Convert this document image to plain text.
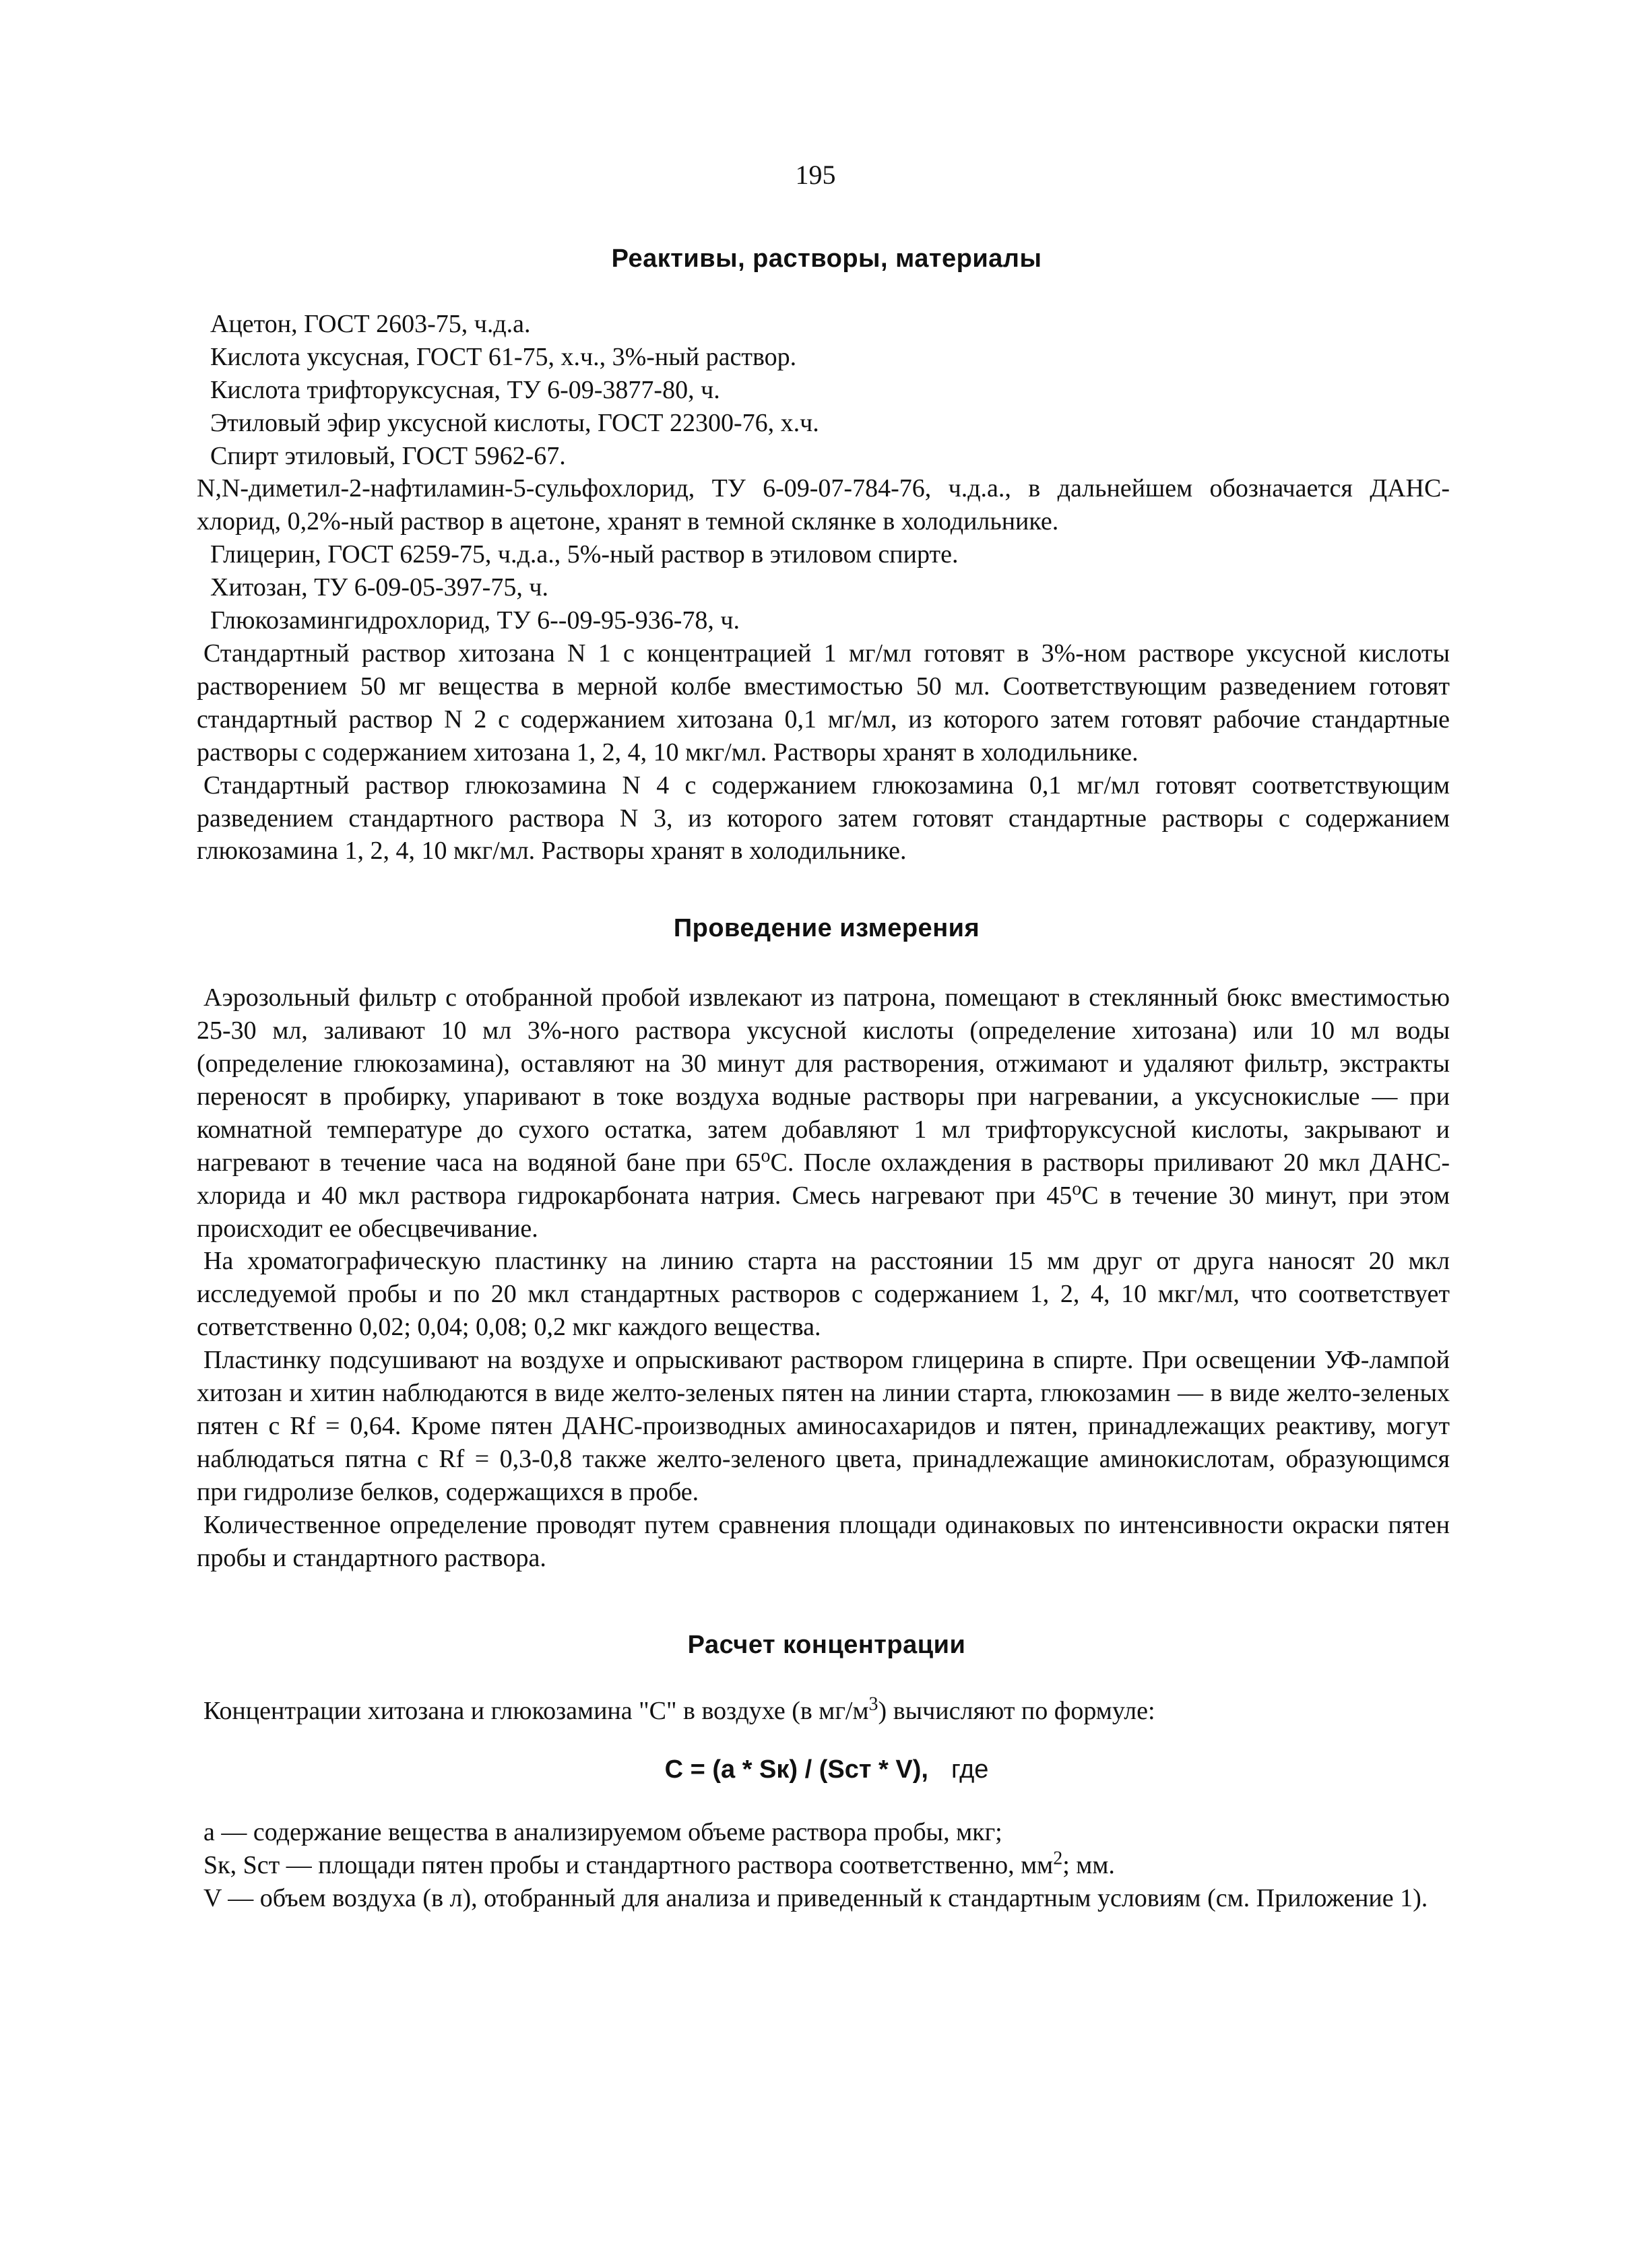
195
Реактивы, растворы, материалы

Ацетон, ГОСТ 2603-75, ч.д.а.

Кислота уксусная, ГОСТ 61-75, х.ч., 3%-ный раствор.

Кислота трифторуксусная, ТУ 6-09-3877-80, ч.

Этиловый эфир уксусной кислоты, ГОСТ 22300-76, х.ч.

Спирт этиловый, ГОСТ 5962-67.

N,N-диметил-2-нафтиламин-5-сульфохлорид, ТУ 6-09-07-784-76, ч.д.а., в дальнейшем обозначается ДАНС-хлорид, 0,2%-ный раствор в ацетоне, хранят в темной склянке в холодильнике.

Глицерин, ГОСТ 6259-75, ч.д.а., 5%-ный раствор в этиловом спирте.

Хитозан, ТУ 6-09-05-397-75, ч.

Глюкозамингидрохлорид, ТУ 6--09-95-936-78, ч.

Стандартный раствор хитозана N 1 с концентрацией 1 мг/мл готовят в 3%-ном растворе уксусной кислоты растворением 50 мг вещества в мерной колбе вместимостью 50 мл. Соответствующим разведением готовят стандартный раствор N 2 с содержанием хитозана 0,1 мг/мл, из которого затем готовят рабочие стандартные растворы с содержанием хитозана 1, 2, 4, 10 мкг/мл. Растворы хранят в холодильнике.

Стандартный раствор глюкозамина N 4 с содержанием глюкозамина 0,1 мг/мл готовят соответствующим разведением стандартного раствора N 3, из которого затем готовят стандартные растворы с содержанием глюкозамина 1, 2, 4, 10 мкг/мл. Растворы хранят в холодильнике.

Проведение измерения

Аэрозольный фильтр с отобранной пробой извлекают из патрона, помещают в стеклянный бюкс вместимостью 25-30 мл, заливают 10 мл 3%-ного раствора уксусной кислоты (определение хитозана) или 10 мл воды (определение глюкозамина), оставляют на 30 минут для растворения, отжимают и удаляют фильтр, экстракты переносят в пробирку, упаривают в токе воздуха водные растворы при нагревании, а уксуснокислые — при комнатной температуре до сухого остатка, затем добавляют 1 мл трифторуксусной кислоты, закрывают и нагревают в течение часа на водяной бане при 65$^o$С. После охлаждения в растворы приливают 20 мкл ДАНС-хлорида и 40 мкл раствора гидрокарбоната натрия. Смесь нагревают при 45$^o$С в течение 30 минут, при этом происходит ее обесцвечивание.

На хроматографическую пластинку на линию старта на расстоянии 15 мм друг от друга наносят 20 мкл исследуемой пробы и по 20 мкл стандартных растворов с содержанием 1, 2, 4, 10 мкг/мл, что соответствует сответственно 0,02; 0,04; 0,08; 0,2 мкг каждого вещества.

Пластинку подсушивают на воздухе и опрыскивают раствором глицерина в спирте. При освещении УФ-лампой хитозан и хитин наблюдаются в виде желто-зеленых пятен на линии старта, глюкозамин — в виде желто-зеленых пятен с Rf = 0,64. Кроме пятен ДАНС-производных аминосахаридов и пятен, принадлежащих реактиву, могут наблюдаться пятна с Rf = 0,3-0,8 также желто-зеленого цвета, принадлежащие аминокислотам, образующимся при гидролизе белков, содержащихся в пробе.

Количественное определение проводят путем сравнения площади одинаковых по интенсивности окраски пятен пробы и стандартного раствора.

Расчет концентрации

Концентрации хитозана и глюкозамина "С" в воздухе (в $мг/м^3$) вычисляют по формуле:

С = (а * Sк) / (Sст * V), где

а — содержание вещества в анализируемом объеме раствора пробы, мкг;

Sк, Sст — площади пятен пробы и стандартного раствора соответственно, $мм^2$; мм.

V — объем воздуха (в л), отобранный для анализа и приведенный к стандартным условиям (см. Приложение 1).
